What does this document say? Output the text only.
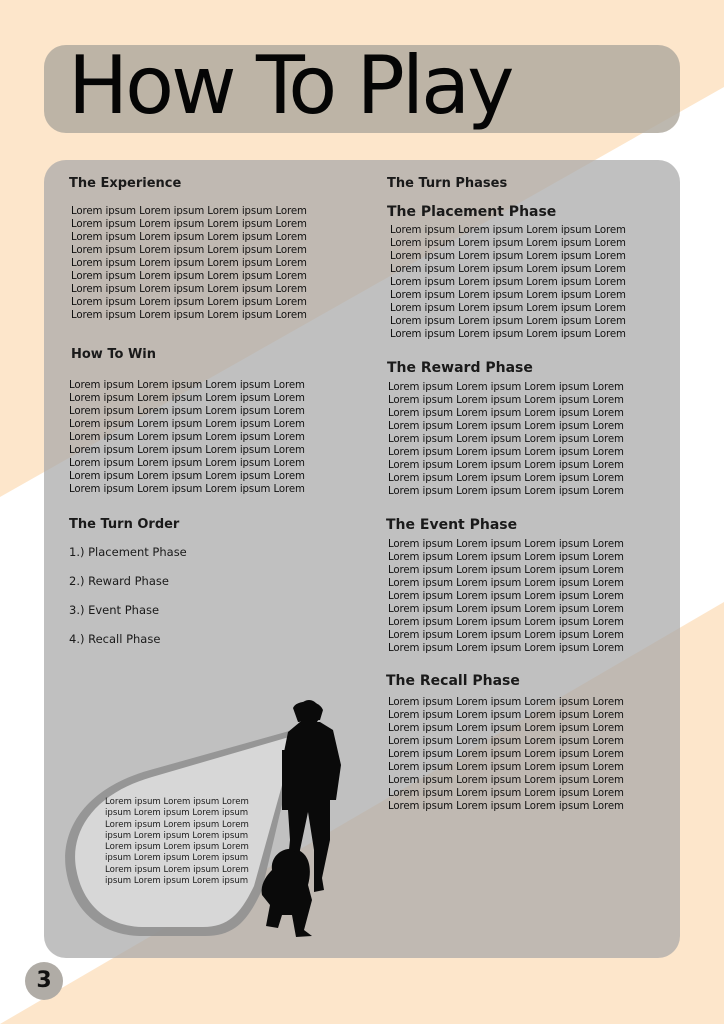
How To Play
The Experience

Lorem ipsum Lorem ipsum Lorem ipsum Lorem
Lorem ipsum Lorem ipsum Lorem ipsum Lorem
Lorem ipsum Lorem ipsum Lorem ipsum Lorem
Lorem ipsum Lorem ipsum Lorem ipsum Lorem
Lorem ipsum Lorem ipsum Lorem ipsum Lorem
Lorem ipsum Lorem ipsum Lorem ipsum Lorem
Lorem ipsum Lorem ipsum Lorem ipsum Lorem
Lorem ipsum Lorem ipsum Lorem ipsum Lorem
Lorem ipsum Lorem ipsum Lorem ipsum Lorem

How To Win

Lorem ipsum Lorem ipsum Lorem ipsum Lorem
Lorem ipsum Lorem ipsum Lorem ipsum Lorem
Lorem ipsum Lorem ipsum Lorem ipsum Lorem
Lorem ipsum Lorem ipsum Lorem ipsum Lorem
Lorem ipsum Lorem ipsum Lorem ipsum Lorem
Lorem ipsum Lorem ipsum Lorem ipsum Lorem
Lorem ipsum Lorem ipsum Lorem ipsum Lorem
Lorem ipsum Lorem ipsum Lorem ipsum Lorem
Lorem ipsum Lorem ipsum Lorem ipsum Lorem

The Turn Order

1.) Placement Phase

2.) Reward Phase

3.) Event Phase

4.) Recall Phase

The Turn Phases
The Placement Phase

Lorem ipsum Lorem ipsum Lorem ipsum Lorem
Lorem ipsum Lorem ipsum Lorem ipsum Lorem
Lorem ipsum Lorem ipsum Lorem ipsum Lorem
Lorem ipsum Lorem ipsum Lorem ipsum Lorem
Lorem ipsum Lorem ipsum Lorem ipsum Lorem
Lorem ipsum Lorem ipsum Lorem ipsum Lorem
Lorem ipsum Lorem ipsum Lorem ipsum Lorem
Lorem ipsum Lorem ipsum Lorem ipsum Lorem
Lorem ipsum Lorem ipsum Lorem ipsum Lorem

The Reward Phase

Lorem ipsum Lorem ipsum Lorem ipsum Lorem
Lorem ipsum Lorem ipsum Lorem ipsum Lorem
Lorem ipsum Lorem ipsum Lorem ipsum Lorem
Lorem ipsum Lorem ipsum Lorem ipsum Lorem
Lorem ipsum Lorem ipsum Lorem ipsum Lorem
Lorem ipsum Lorem ipsum Lorem ipsum Lorem
Lorem ipsum Lorem ipsum Lorem ipsum Lorem
Lorem ipsum Lorem ipsum Lorem ipsum Lorem
Lorem ipsum Lorem ipsum Lorem ipsum Lorem

The Event Phase

Lorem ipsum Lorem ipsum Lorem ipsum Lorem
Lorem ipsum Lorem ipsum Lorem ipsum Lorem
Lorem ipsum Lorem ipsum Lorem ipsum Lorem
Lorem ipsum Lorem ipsum Lorem ipsum Lorem
Lorem ipsum Lorem ipsum Lorem ipsum Lorem
Lorem ipsum Lorem ipsum Lorem ipsum Lorem
Lorem ipsum Lorem ipsum Lorem ipsum Lorem
Lorem ipsum Lorem ipsum Lorem ipsum Lorem
Lorem ipsum Lorem ipsum Lorem ipsum Lorem

The Recall Phase

Lorem ipsum Lorem ipsum Lorem ipsum Lorem
Lorem ipsum Lorem ipsum Lorem ipsum Lorem
Lorem ipsum Lorem ipsum Lorem ipsum Lorem
Lorem ipsum Lorem ipsum Lorem ipsum Lorem
Lorem ipsum Lorem ipsum Lorem ipsum Lorem
Lorem ipsum Lorem ipsum Lorem ipsum Lorem
Lorem ipsum Lorem ipsum Lorem ipsum Lorem
Lorem ipsum Lorem ipsum Lorem ipsum Lorem
Lorem ipsum Lorem ipsum Lorem ipsum Lorem

Lorem ipsum Lorem ipsum Lorem
ipsum Lorem ipsum Lorem ipsum
Lorem ipsum Lorem ipsum Lorem
ipsum Lorem ipsum Lorem ipsum
Lorem ipsum Lorem ipsum Lorem
ipsum Lorem ipsum Lorem ipsum
Lorem ipsum Lorem ipsum Lorem
ipsum Lorem ipsum Lorem ipsum

3
